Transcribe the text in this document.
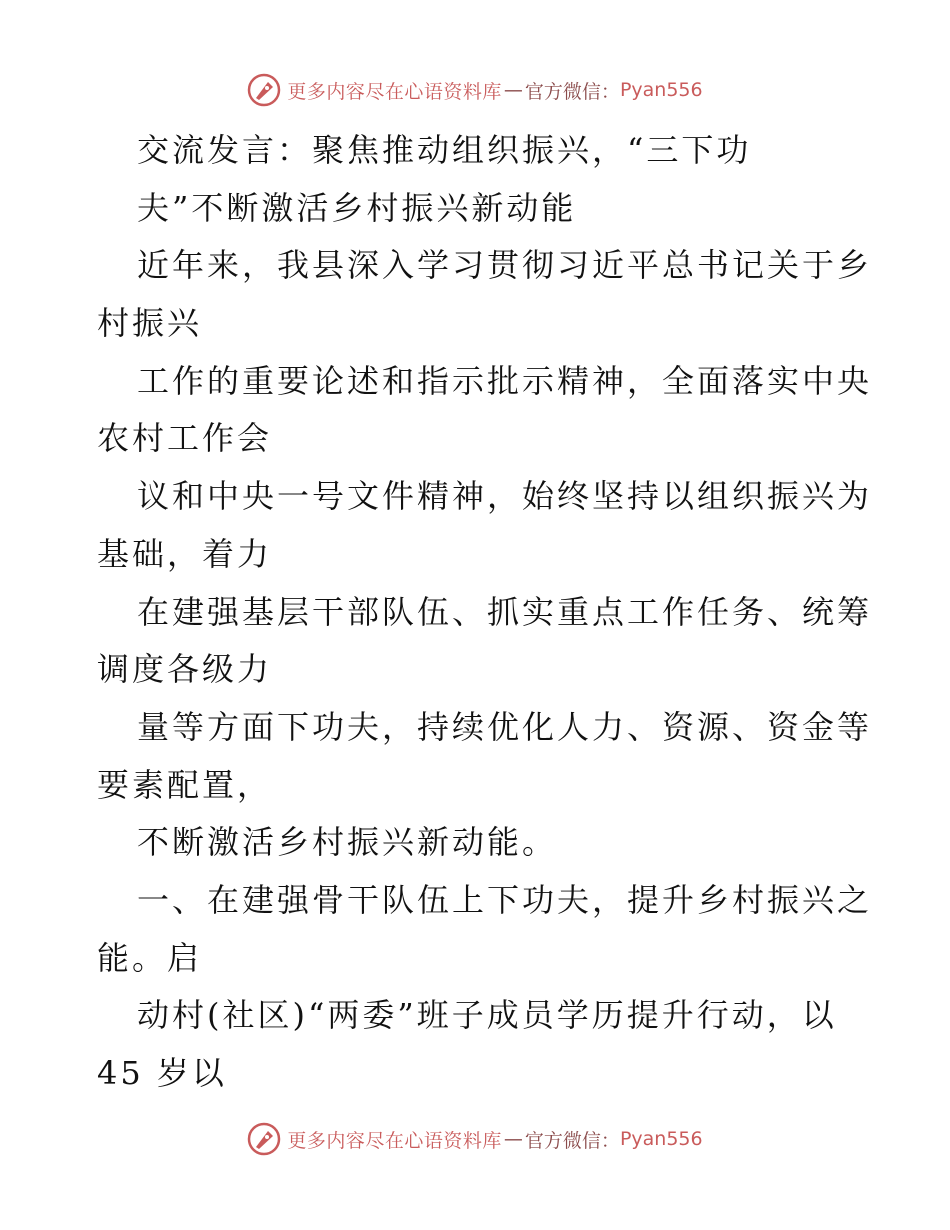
更多内容尽在心语资料库 — 官方微信： Pyan556
交流发言：聚焦推动组织振兴，“三下功
夫”不断激活乡村振兴新动能
近年来，我县深入学习贯彻习近平总书记关于乡
村振兴
工作的重要论述和指示批示精神，全面落实中央
农村工作会
议和中央一号文件精神，始终坚持以组织振兴为
基础，着力
在建强基层干部队伍、抓实重点工作任务、统筹
调度各级力
量等方面下功夫，持续优化人力、资源、资金等
要素配置，
不断激活乡村振兴新动能。
一、在建强骨干队伍上下功夫，提升乡村振兴之
能。启
动村(社区)“两委”班子成员学历提升行动，以
45 岁以
更多内容尽在心语资料库 — 官方微信： Pyan556
